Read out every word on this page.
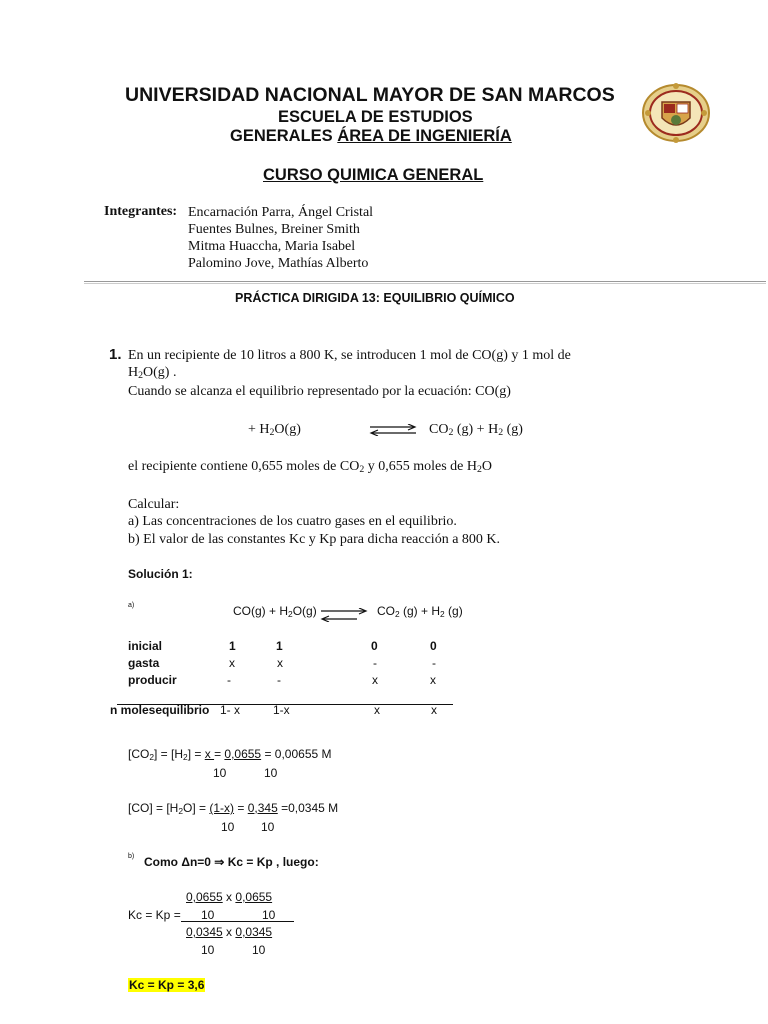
UNIVERSIDAD NACIONAL MAYOR DE SAN MARCOS
ESCUELA DE ESTUDIOS
GENERALES ÁREA DE INGENIERÍA
CURSO QUIMICA GENERAL
Integrantes: Encarnación Parra, Ángel Cristal
Fuentes Bulnes, Breiner Smith
Mitma Huaccha, Maria Isabel
Palomino Jove, Mathías Alberto
PRÁCTICA DIRIGIDA 13: EQUILIBRIO QUÍMICO
1. En un recipiente de 10 litros a 800 K, se introducen 1 mol de CO(g) y 1 mol de
$H_2O(g)$ .
Cuando se alcanza el equilibrio representado por la ecuación: CO(g)
+ $H_2O(g)$	⇌ $CO_2$ $(g) + H_2$ (g)
el recipiente contiene 0,655 moles de $CO_2$ y 0,655 moles de $H_2O$
Calcular:
a) Las concentraciones de los cuatro gases en el equilibrio.
b) El valor de las constantes Kc y Kp para dicha reacción a 800 K.
Solución 1:
a)	$CO(g) + H_2O(g)$ ⇌ $CO_2$ $(g) + H_2$ (g)
inicial	1	1	0	0
gasta	x	x	-	-
producir	-	-	x	x
n molesequilibrio 1- x	1-x	x	x
$[CO_2] = [H_2] = x = 0,0655 = 0,00655$ M
10	10
$[CO] = [H_2O] = (1-x) = 0,345 =0,0345$ M
10 10
b) Como Δn=0 ⇒ Kc = Kp , luego:
0,0655 x 0,0655
Kc = Kp = 10	10
0,0345 x 0,0345
10	10
Kc = Kp = 3,6
